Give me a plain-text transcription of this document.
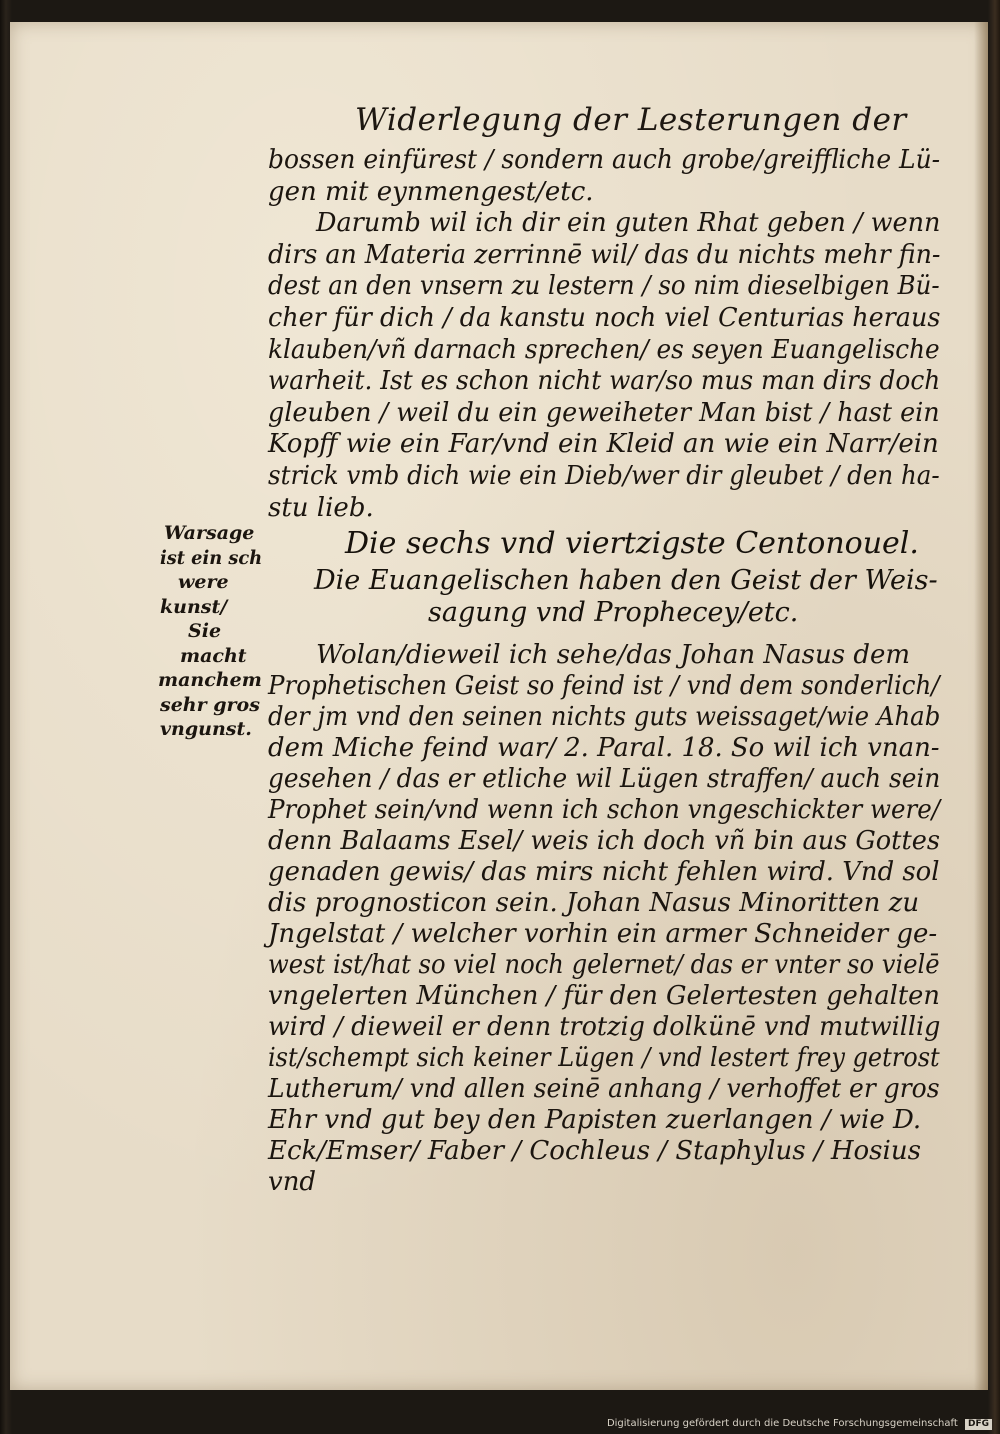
Widerlegung der Lesterungen der
bossen einfürest / sondern auch grobe/greiffliche Lü-
gen mit eynmengest/etc.
Darumb wil ich dir ein guten Rhat geben / wenn
dirs an Materia zerrinnē wil/ das du nichts mehr fin-
dest an den vnsern zu lestern / so nim dieselbigen Bü-
cher für dich / da kanstu noch viel Centurias heraus
klauben/vñ darnach sprechen/ es seyen Euangelische
warheit. Ist es schon nicht war/so mus man dirs doch
gleuben / weil du ein geweiheter Man bist / hast ein
Kopff wie ein Far/vnd ein Kleid an wie ein Narr/ein
strick vmb dich wie ein Dieb/wer dir gleubet / den ha-
stu lieb.
Die sechs vnd viertzigste Centonouel.
Die Euangelischen haben den Geist der Weis-
sagung vnd Prophecey/etc.
Wolan/dieweil ich sehe/das Johan Nasus dem
Prophetischen Geist so feind ist / vnd dem sonderlich/
der jm vnd den seinen nichts guts weissaget/wie Ahab
dem Miche feind war/ 2. Paral. 18. So wil ich vnan-
gesehen / das er etliche wil Lügen straffen/ auch sein
Prophet sein/vnd wenn ich schon vngeschickter were/
denn Balaams Esel/ weis ich doch vñ bin aus Gottes
genaden gewis/ das mirs nicht fehlen wird. Vnd sol
dis prognosticon sein. Johan Nasus Minoritten zu
Jngelstat / welcher vorhin ein armer Schneider ge-
west ist/hat so viel noch gelernet/ das er vnter so vielē
vngelerten München / für den Gelertesten gehalten
wird / dieweil er denn trotzig dolkünē vnd mutwillig
ist/schempt sich keiner Lügen / vnd lestert frey getrost
Lutherum/ vnd allen seinē anhang / verhoffet er gros
Ehr vnd gut bey den Papisten zuerlangen / wie D.
Eck/Emser/ Faber / Cochleus / Staphylus / Hosius
vnd
Warsage
ist ein sch
were
kunst/
Sie
macht
manchem
sehr gros
vngunst.
Digitalisierung gefördert durch die Deutsche Forschungsgemeinschaft DFG
